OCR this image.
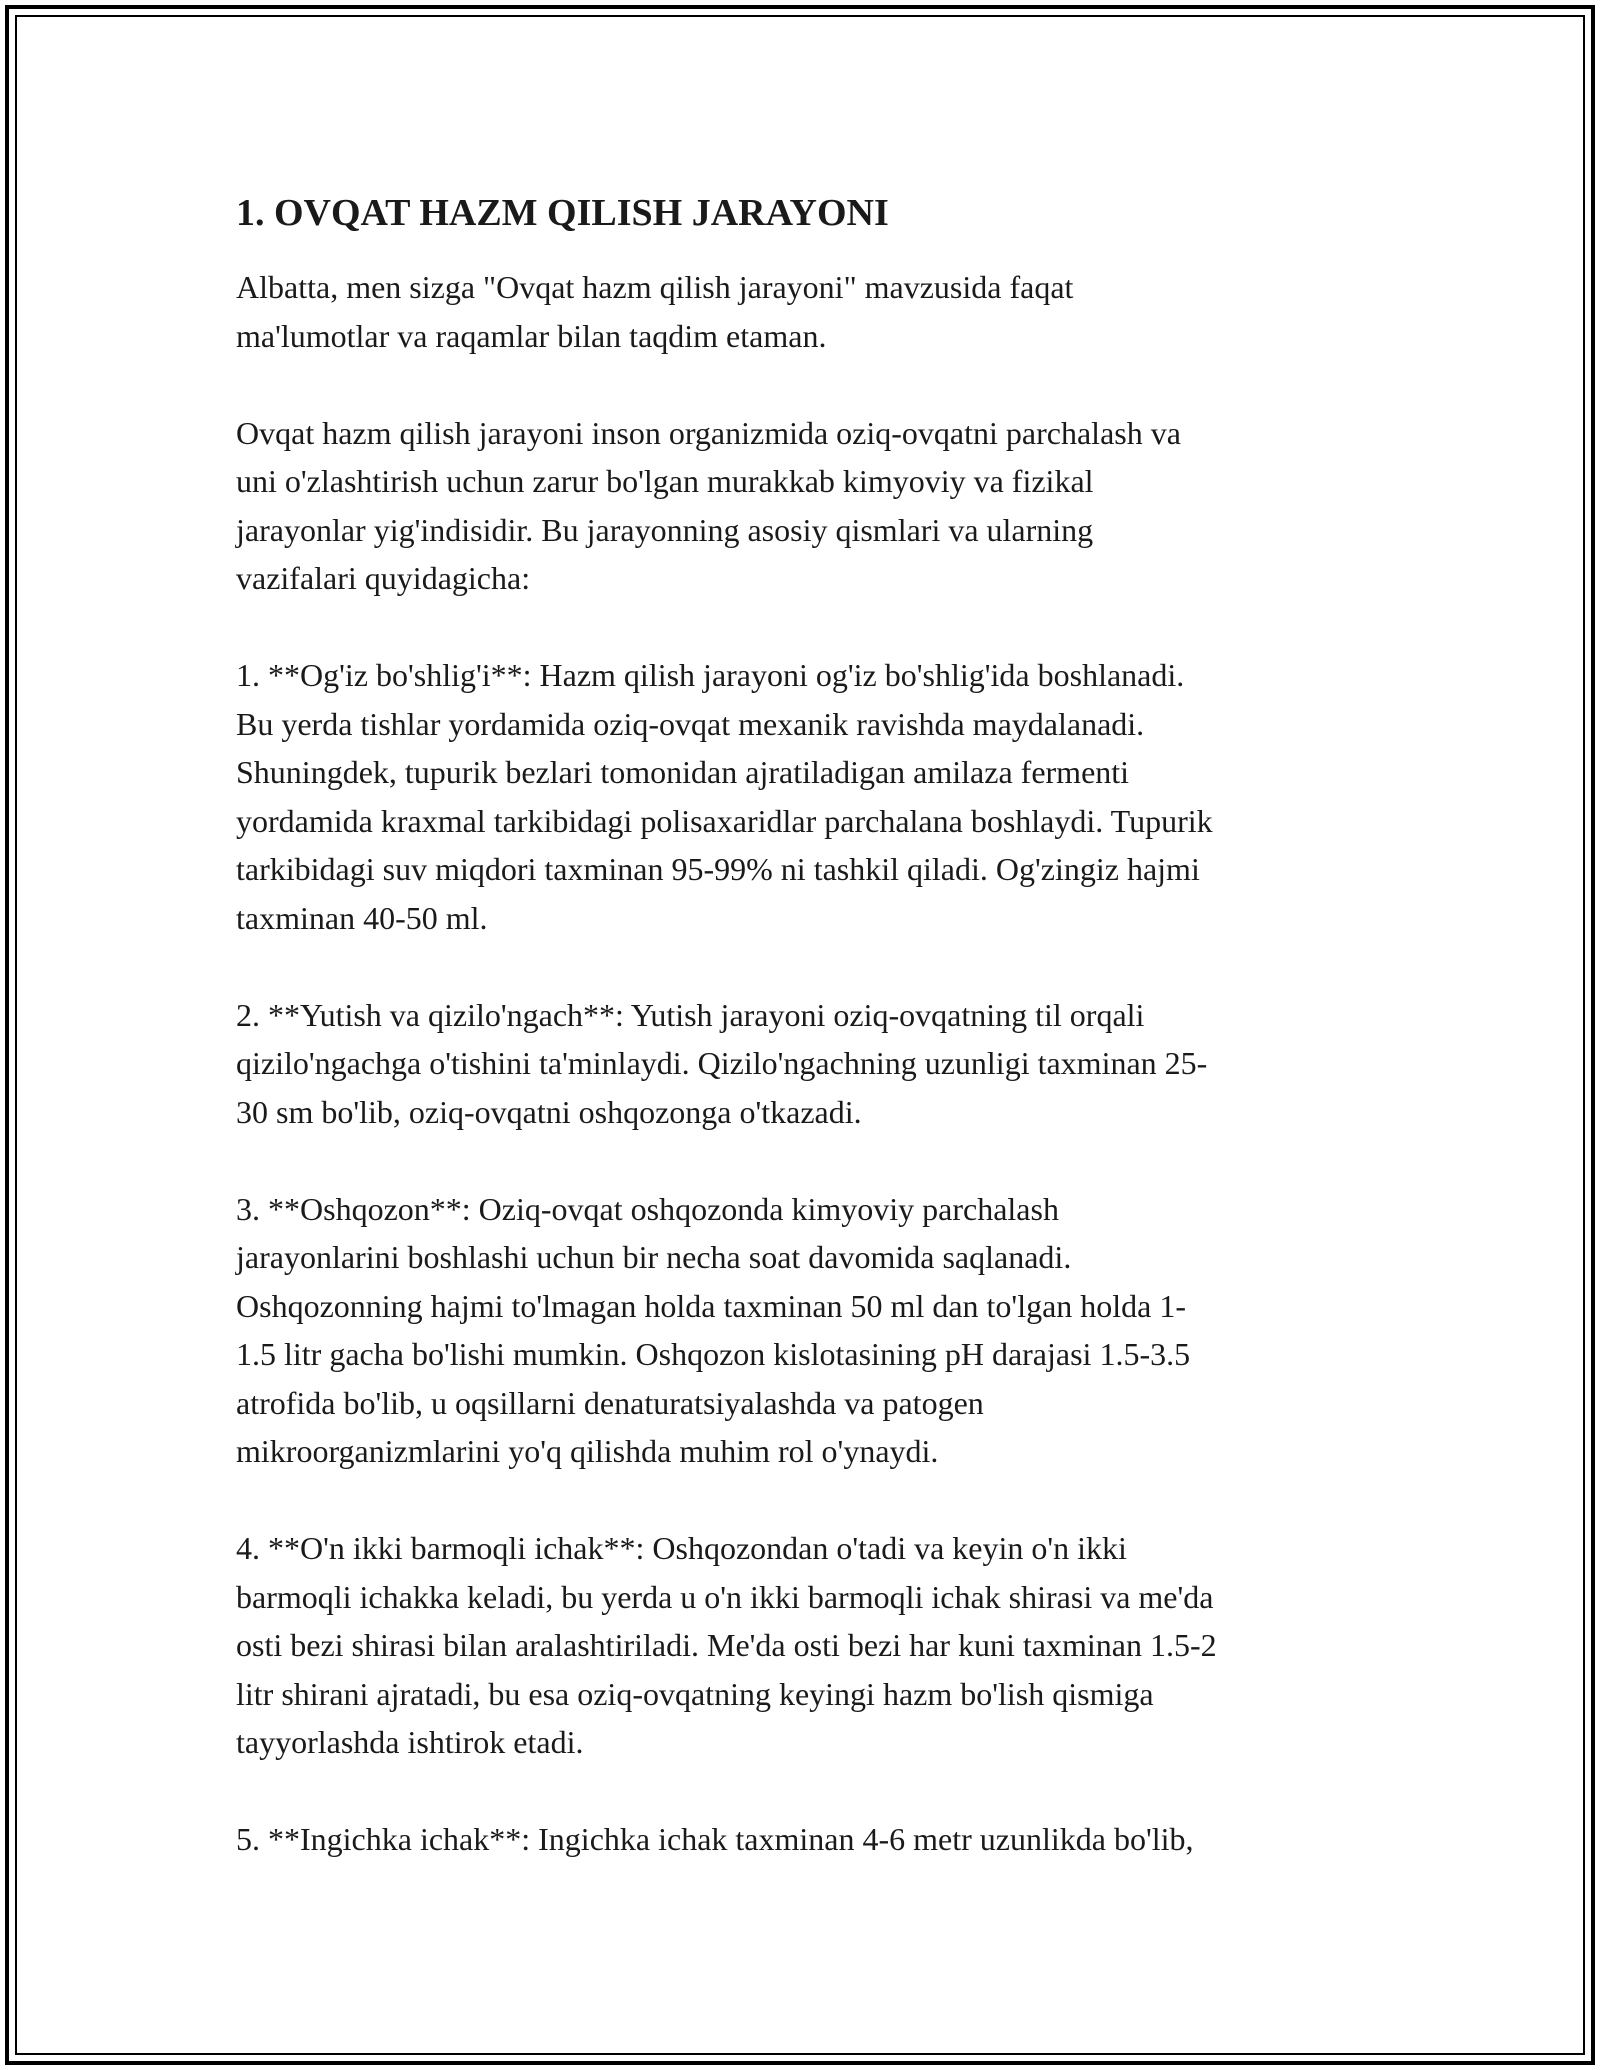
1. OVQAT HAZM QILISH JARAYONI

Albatta, men sizga "Ovqat hazm qilish jarayoni" mavzusida faqat
ma'lumotlar va raqamlar bilan taqdim etaman.

Ovqat hazm qilish jarayoni inson organizmida oziq-ovqatni parchalash va
uni o'zlashtirish uchun zarur bo'lgan murakkab kimyoviy va fizikal
jarayonlar yig'indisidir. Bu jarayonning asosiy qismlari va ularning
vazifalari quyidagicha:

1. **Og'iz bo'shlig'i**: Hazm qilish jarayoni og'iz bo'shlig'ida boshlanadi.
Bu yerda tishlar yordamida oziq-ovqat mexanik ravishda maydalanadi.
Shuningdek, tupurik bezlari tomonidan ajratiladigan amilaza fermenti
yordamida kraxmal tarkibidagi polisaxaridlar parchalana boshlaydi. Tupurik
tarkibidagi suv miqdori taxminan 95-99% ni tashkil qiladi. Og'zingiz hajmi
taxminan 40-50 ml.

2. **Yutish va qizilo'ngach**: Yutish jarayoni oziq-ovqatning til orqali
qizilo'ngachga o'tishini ta'minlaydi. Qizilo'ngachning uzunligi taxminan 25-
30 sm bo'lib, oziq-ovqatni oshqozonga o'tkazadi.

3. **Oshqozon**: Oziq-ovqat oshqozonda kimyoviy parchalash
jarayonlarini boshlashi uchun bir necha soat davomida saqlanadi.
Oshqozonning hajmi to'lmagan holda taxminan 50 ml dan to'lgan holda 1-
1.5 litr gacha bo'lishi mumkin. Oshqozon kislotasining pH darajasi 1.5-3.5
atrofida bo'lib, u oqsillarni denaturatsiyalashda va patogen
mikroorganizmlarini yo'q qilishda muhim rol o'ynaydi.

4. **O'n ikki barmoqli ichak**: Oshqozondan o'tadi va keyin o'n ikki
barmoqli ichakka keladi, bu yerda u o'n ikki barmoqli ichak shirasi va me'da
osti bezi shirasi bilan aralashtiriladi. Me'da osti bezi har kuni taxminan 1.5-2
litr shirani ajratadi, bu esa oziq-ovqatning keyingi hazm bo'lish qismiga
tayyorlashda ishtirok etadi.

5. **Ingichka ichak**: Ingichka ichak taxminan 4-6 metr uzunlikda bo'lib,
